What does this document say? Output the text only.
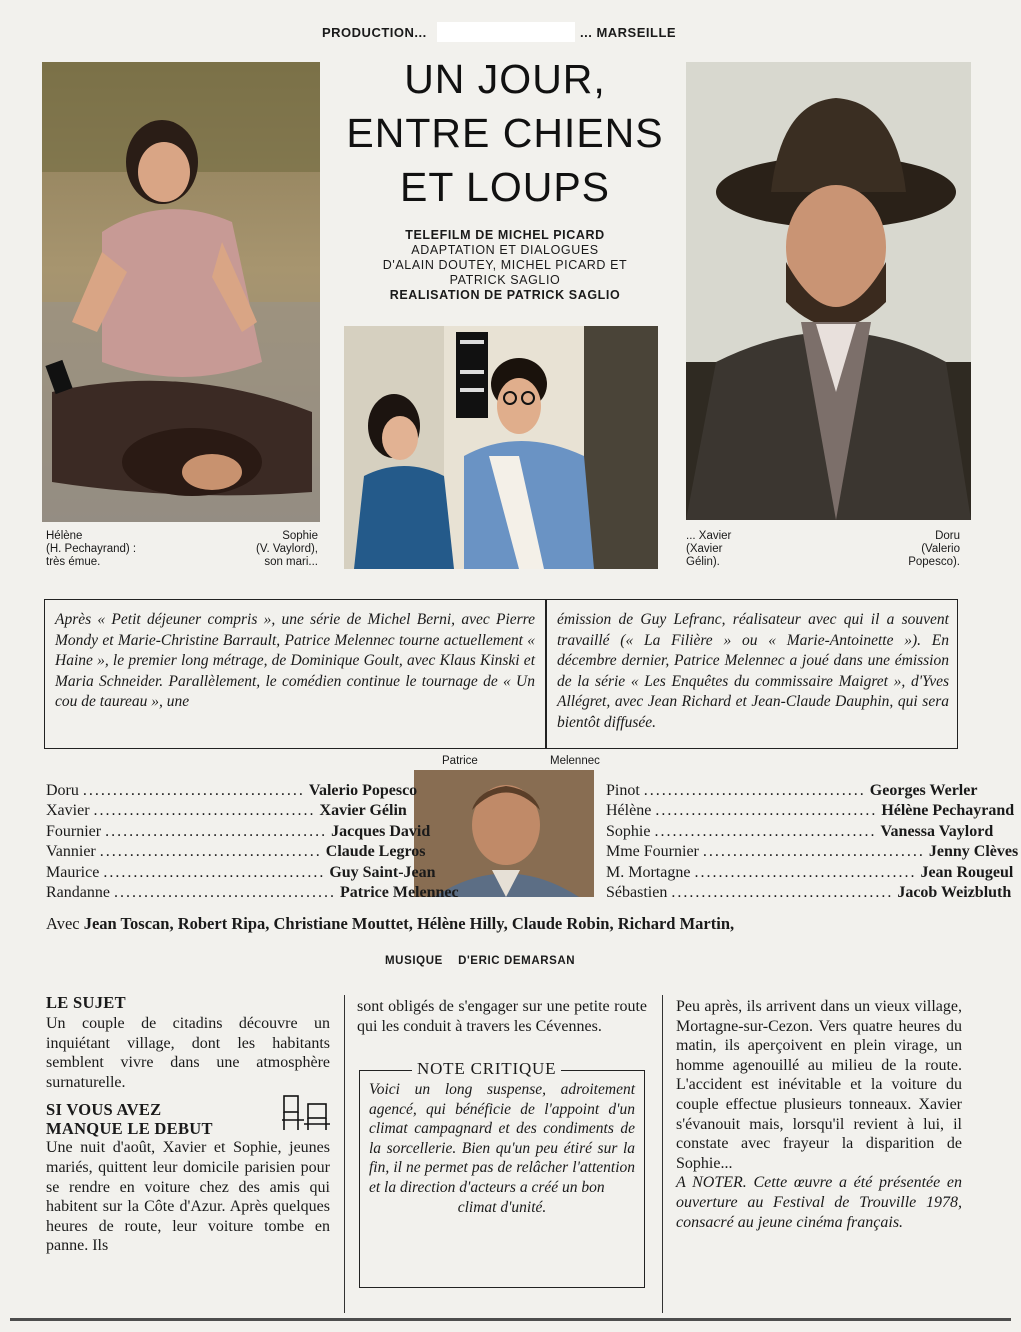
PRODUCTION...	... MARSEILLE
UN JOUR,
ENTRE CHIENS
ET LOUPS
TELEFILM DE MICHEL PICARD
ADAPTATION ET DIALOGUES
D'ALAIN DOUTEY, MICHEL PICARD ET
PATRICK SAGLIO
REALISATION DE PATRICK SAGLIO
Hélène
(H. Pechayrand) :
très émue.
Sophie
(V. Vaylord),
son mari...
... Xavier
(Xavier
Gélin).
Doru
(Valerio
Popesco).

Après « Petit déjeuner compris », une série de Michel Berni, avec Pierre Mondy et Marie-Christine Barrault, Patrice Melennec tourne actuellement « Haine », le premier long métrage, de Dominique Goult, avec Klaus Kinski et Maria Schneider. Parallèlement, le comédien continue le tournage de « Un cou de taureau », une

émission de Guy Lefranc, réalisateur avec qui il a souvent travaillé (« La Filière » ou « Marie-Antoinette »). En décembre dernier, Patrice Melennec a joué dans une émission de la série « Les Enquêtes du commissaire Maigret », d'Yves Allégret, avec Jean Richard et Jean-Claude Dauphin, qui sera bientôt diffusée.

Patrice	Melennec
Doru ..................................... Valerio Popesco
Xavier ..................................... Xavier Gélin
Fournier ..................................... Jacques David
Vannier ..................................... Claude Legros
Maurice ..................................... Guy Saint-Jean
Randanne ..................................... Patrice Melennec
Pinot ..................................... Georges Werler
Hélène ..................................... Hélène Pechayrand
Sophie ..................................... Vanessa Vaylord
Mme Fournier ..................................... Jenny Clèves
M. Mortagne ..................................... Jean Rougeul
Sébastien ..................................... Jacob Weizbluth
Avec Jean Toscan, Robert Ripa, Christiane Mouttet, Hélène Hilly, Claude Robin, Richard Martin,
MUSIQUE D'ERIC DEMARSAN
LE SUJET

Un couple de citadins découvre un inquiétant village, dont les habitants semblent vivre dans une atmosphère surnaturelle.

SI VOUS AVEZ
MANQUE LE DEBUT

Une nuit d'août, Xavier et Sophie, jeunes mariés, quittent leur domicile parisien pour se rendre en voiture chez des amis qui habitent sur la Côte d'Azur. Après quelques heures de route, leur voiture tombe en panne. Ils

sont obligés de s'engager sur une petite route qui les conduit à travers les Cévennes.

NOTE CRITIQUE

Voici un long suspense, adroitement agencé, qui bénéficie de l'appoint d'un climat campagnard et des condiments de la sorcellerie. Bien qu'un peu étiré sur la fin, il ne permet pas de relâcher l'attention et la direction d'acteurs a créé un bon

climat d'unité.

Peu après, ils arrivent dans un vieux village, Mortagne-sur-Cezon. Vers quatre heures du matin, ils aperçoivent en plein virage, un homme agenouillé au milieu de la route. L'accident est inévitable et la voiture du couple effectue plusieurs tonneaux. Xavier s'évanouit mais, lorsqu'il revient à lui, il constate avec frayeur la disparition de Sophie...

A NOTER. Cette œuvre a été présentée en ouverture au Festival de Trouville 1978, consacré au jeune cinéma français.
